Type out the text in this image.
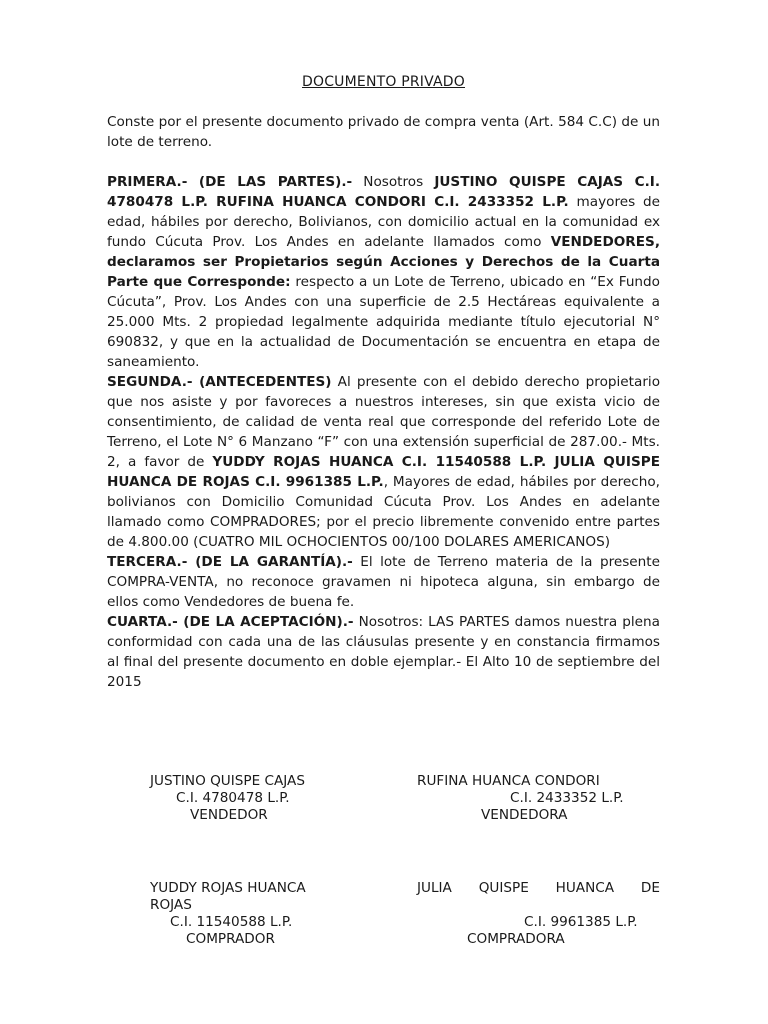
DOCUMENTO PRIVADO

Conste por el presente documento privado de compra venta (Art. 584 C.C) de un lote de terreno.

PRIMERA.- (DE LAS PARTES).- Nosotros JUSTINO QUISPE CAJAS C.I. 4780478 L.P. RUFINA HUANCA CONDORI C.I. 2433352 L.P. mayores de edad, hábiles por derecho, Bolivianos, con domicilio actual en la comunidad ex fundo Cúcuta Prov. Los Andes en adelante llamados como VENDEDORES, declaramos ser Propietarios según Acciones y Derechos de la Cuarta Parte que Corresponde: respecto a un Lote de Terreno, ubicado en “Ex Fundo Cúcuta”, Prov. Los Andes con una superficie de 2.5 Hectáreas equivalente a 25.000 Mts. 2 propiedad legalmente adquirida mediante título ejecutorial N° 690832, y que en la actualidad de Documentación se encuentra en etapa de saneamiento.

SEGUNDA.- (ANTECEDENTES) Al presente con el debido derecho propietario que nos asiste y por favoreces a nuestros intereses, sin que exista vicio de consentimiento, de calidad de venta real que corresponde del referido Lote de Terreno, el Lote N° 6 Manzano “F” con una extensión superficial de 287.00.- Mts. 2, a favor de YUDDY ROJAS HUANCA C.I. 11540588 L.P. JULIA QUISPE HUANCA DE ROJAS C.I. 9961385 L.P., Mayores de edad, hábiles por derecho, bolivianos con Domicilio Comunidad Cúcuta Prov. Los Andes en adelante llamado como COMPRADORES; por el precio libremente convenido entre partes de 4.800.00 (CUATRO MIL OCHOCIENTOS 00/100 DOLARES AMERICANOS)

TERCERA.- (DE LA GARANTÍA).- El lote de Terreno materia de la presente COMPRA-VENTA, no reconoce gravamen ni hipoteca alguna, sin embargo de ellos como Vendedores de buena fe.

CUARTA.- (DE LA ACEPTACIÓN).- Nosotros: LAS PARTES damos nuestra plena conformidad con cada una de las cláusulas presente y en constancia firmamos al final del presente documento en doble ejemplar.- El Alto 10 de septiembre del 2015

JUSTINO QUISPE CAJAS
C.I. 4780478 L.P.
VENDEDOR
RUFINA HUANCA CONDORI
C.I. 2433352 L.P.
VENDEDORA
YUDDY ROJAS HUANCA
ROJAS
C.I. 11540588 L.P.
COMPRADOR
JULIA QUISPE HUANCA DE
C.I. 9961385 L.P.
COMPRADORA
